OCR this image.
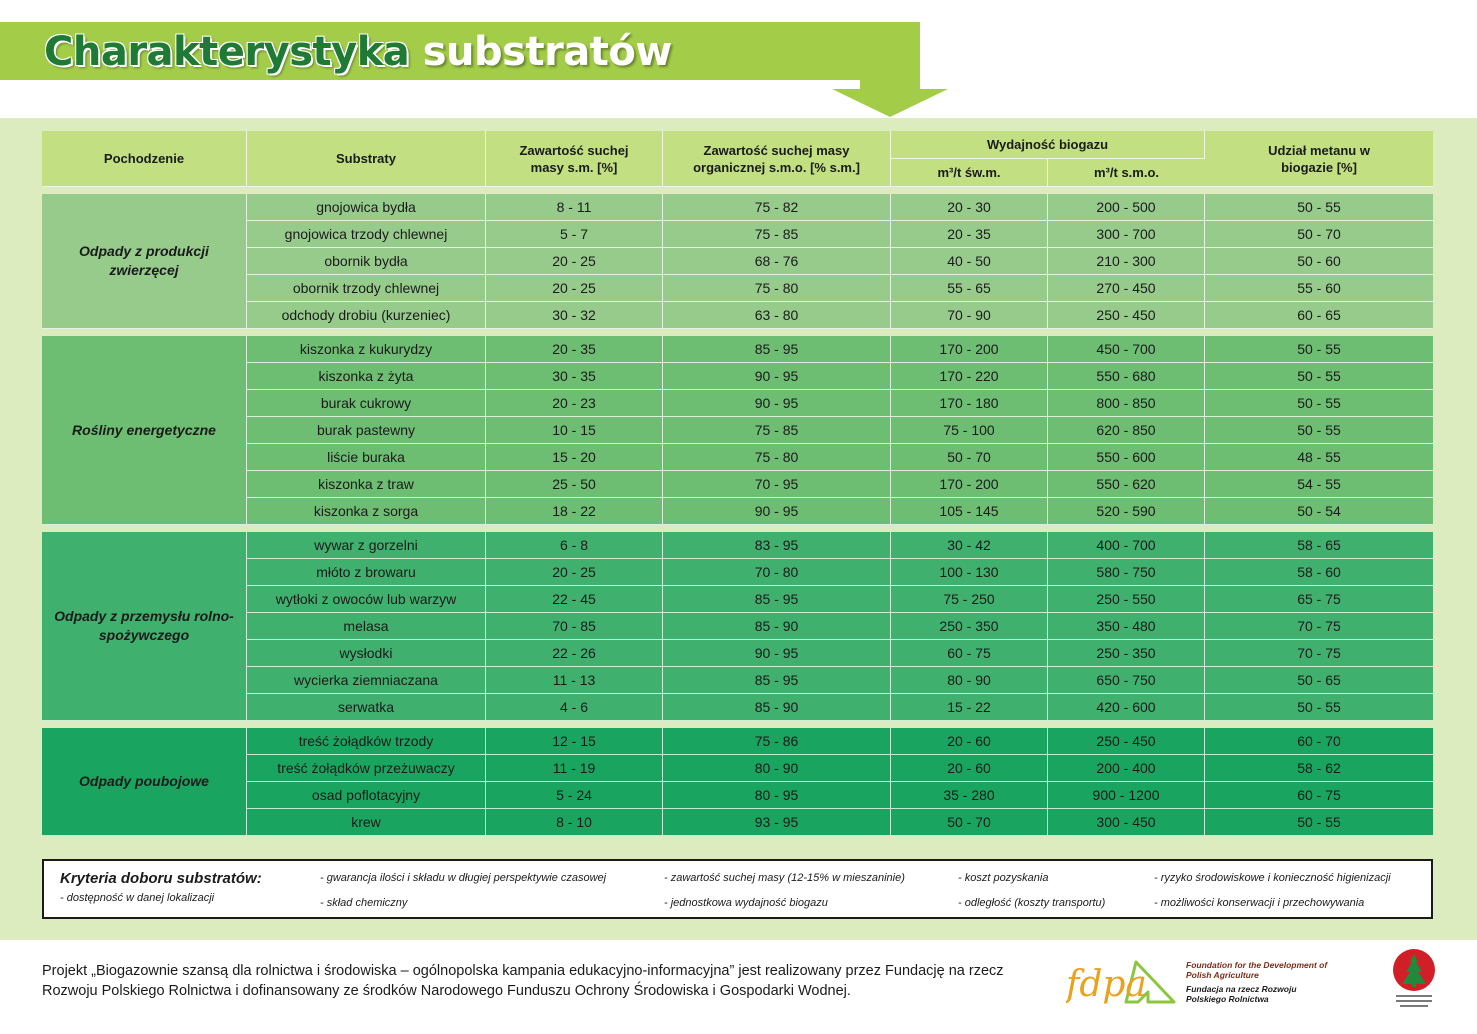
Charakterystyka substratów
Pochodzenie	Substraty	Zawartość suchej masy s.m. [%]	Zawartość suchej masy organicznej s.m.o. [% s.m.]	Wydajność biogazu		Udział metanu w biogazie [%]
				m³/t św.m.	m³/t s.m.o.	

Odpady z produkcji zwierzęcej	gnojowica bydła	8 - 11	75 - 82	20 - 30	200 - 500	50 - 55
	gnojowica trzody chlewnej	5 - 7	75 - 85	20 - 35	300 - 700	50 - 70
	obornik bydła	20 - 25	68 - 76	40 - 50	210 - 300	50 - 60
	obornik trzody chlewnej	20 - 25	75 - 80	55 - 65	270 - 450	55 - 60
	odchody drobiu (kurzeniec)	30 - 32	63 - 80	70 - 90	250 - 450	60 - 65

Rośliny energetyczne	kiszonka z kukurydzy	20 - 35	85 - 95	170 - 200	450 - 700	50 - 55
	kiszonka z żyta	30 - 35	90 - 95	170 - 220	550 - 680	50 - 55
	burak cukrowy	20 - 23	90 - 95	170 - 180	800 - 850	50 - 55
	burak pastewny	10 - 15	75 - 85	75 - 100	620 - 850	50 - 55
	liście buraka	15 - 20	75 - 80	50 - 70	550 - 600	48 - 55
	kiszonka z traw	25 - 50	70 - 95	170 - 200	550 - 620	54 - 55
	kiszonka z sorga	18 - 22	90 - 95	105 - 145	520 - 590	50 - 54

Odpady z przemysłu rolno-spożywczego	wywar z gorzelni	6 - 8	83 - 95	30 - 42	400 - 700	58 - 65
	młóto z browaru	20 - 25	70 - 80	100 - 130	580 - 750	58 - 60
	wytłoki z owoców lub warzyw	22 - 45	85 - 95	75 - 250	250 - 550	65 - 75
	melasa	70 - 85	85 - 90	250 - 350	350 - 480	70 - 75
	wysłodki	22 - 26	90 - 95	60 - 75	250 - 350	70 - 75
	wycierka ziemniaczana	11 - 13	85 - 95	80 - 90	650 - 750	50 - 65
	serwatka	4 - 6	85 - 90	15 - 22	420 - 600	50 - 55

Odpady poubojowe	treść żołądków trzody	12 - 15	75 - 86	20 - 60	250 - 450	60 - 70
	treść żołądków przeżuwaczy	11 - 19	80 - 90	20 - 60	200 - 400	58 - 62
	osad poflotacyjny	5 - 24	80 - 95	35 - 280	900 - 1200	60 - 75
	krew	8 - 10	93 - 95	50 - 70	300 - 450	50 - 55
Kryteria doboru substratów:
- dostępność w danej lokalizacji
- gwarancja ilości i składu w długiej perspektywie czasowej
- skład chemiczny
- zawartość suchej masy (12-15% w mieszaninie)
- jednostkowa wydajność biogazu
- koszt pozyskania
- odległość (koszty transportu)
- ryzyko środowiskowe i konieczność higienizacji
- możliwości konserwacji i przechowywania
Projekt „Biogazownie szansą dla rolnictwa i środowiska – ogólnopolska kampania edukacyjno-informacyjna” jest realizowany przez Fundację na rzecz Rozwoju Polskiego Rolnictwa i dofinansowany ze środków Narodowego Funduszu Ochrony Środowiska i Gospodarki Wodnej.	fdpa	Foundation for the Development of Polish Agriculture
Fundacja na rzecz Rozwoju Polskiego Rolnictwa
